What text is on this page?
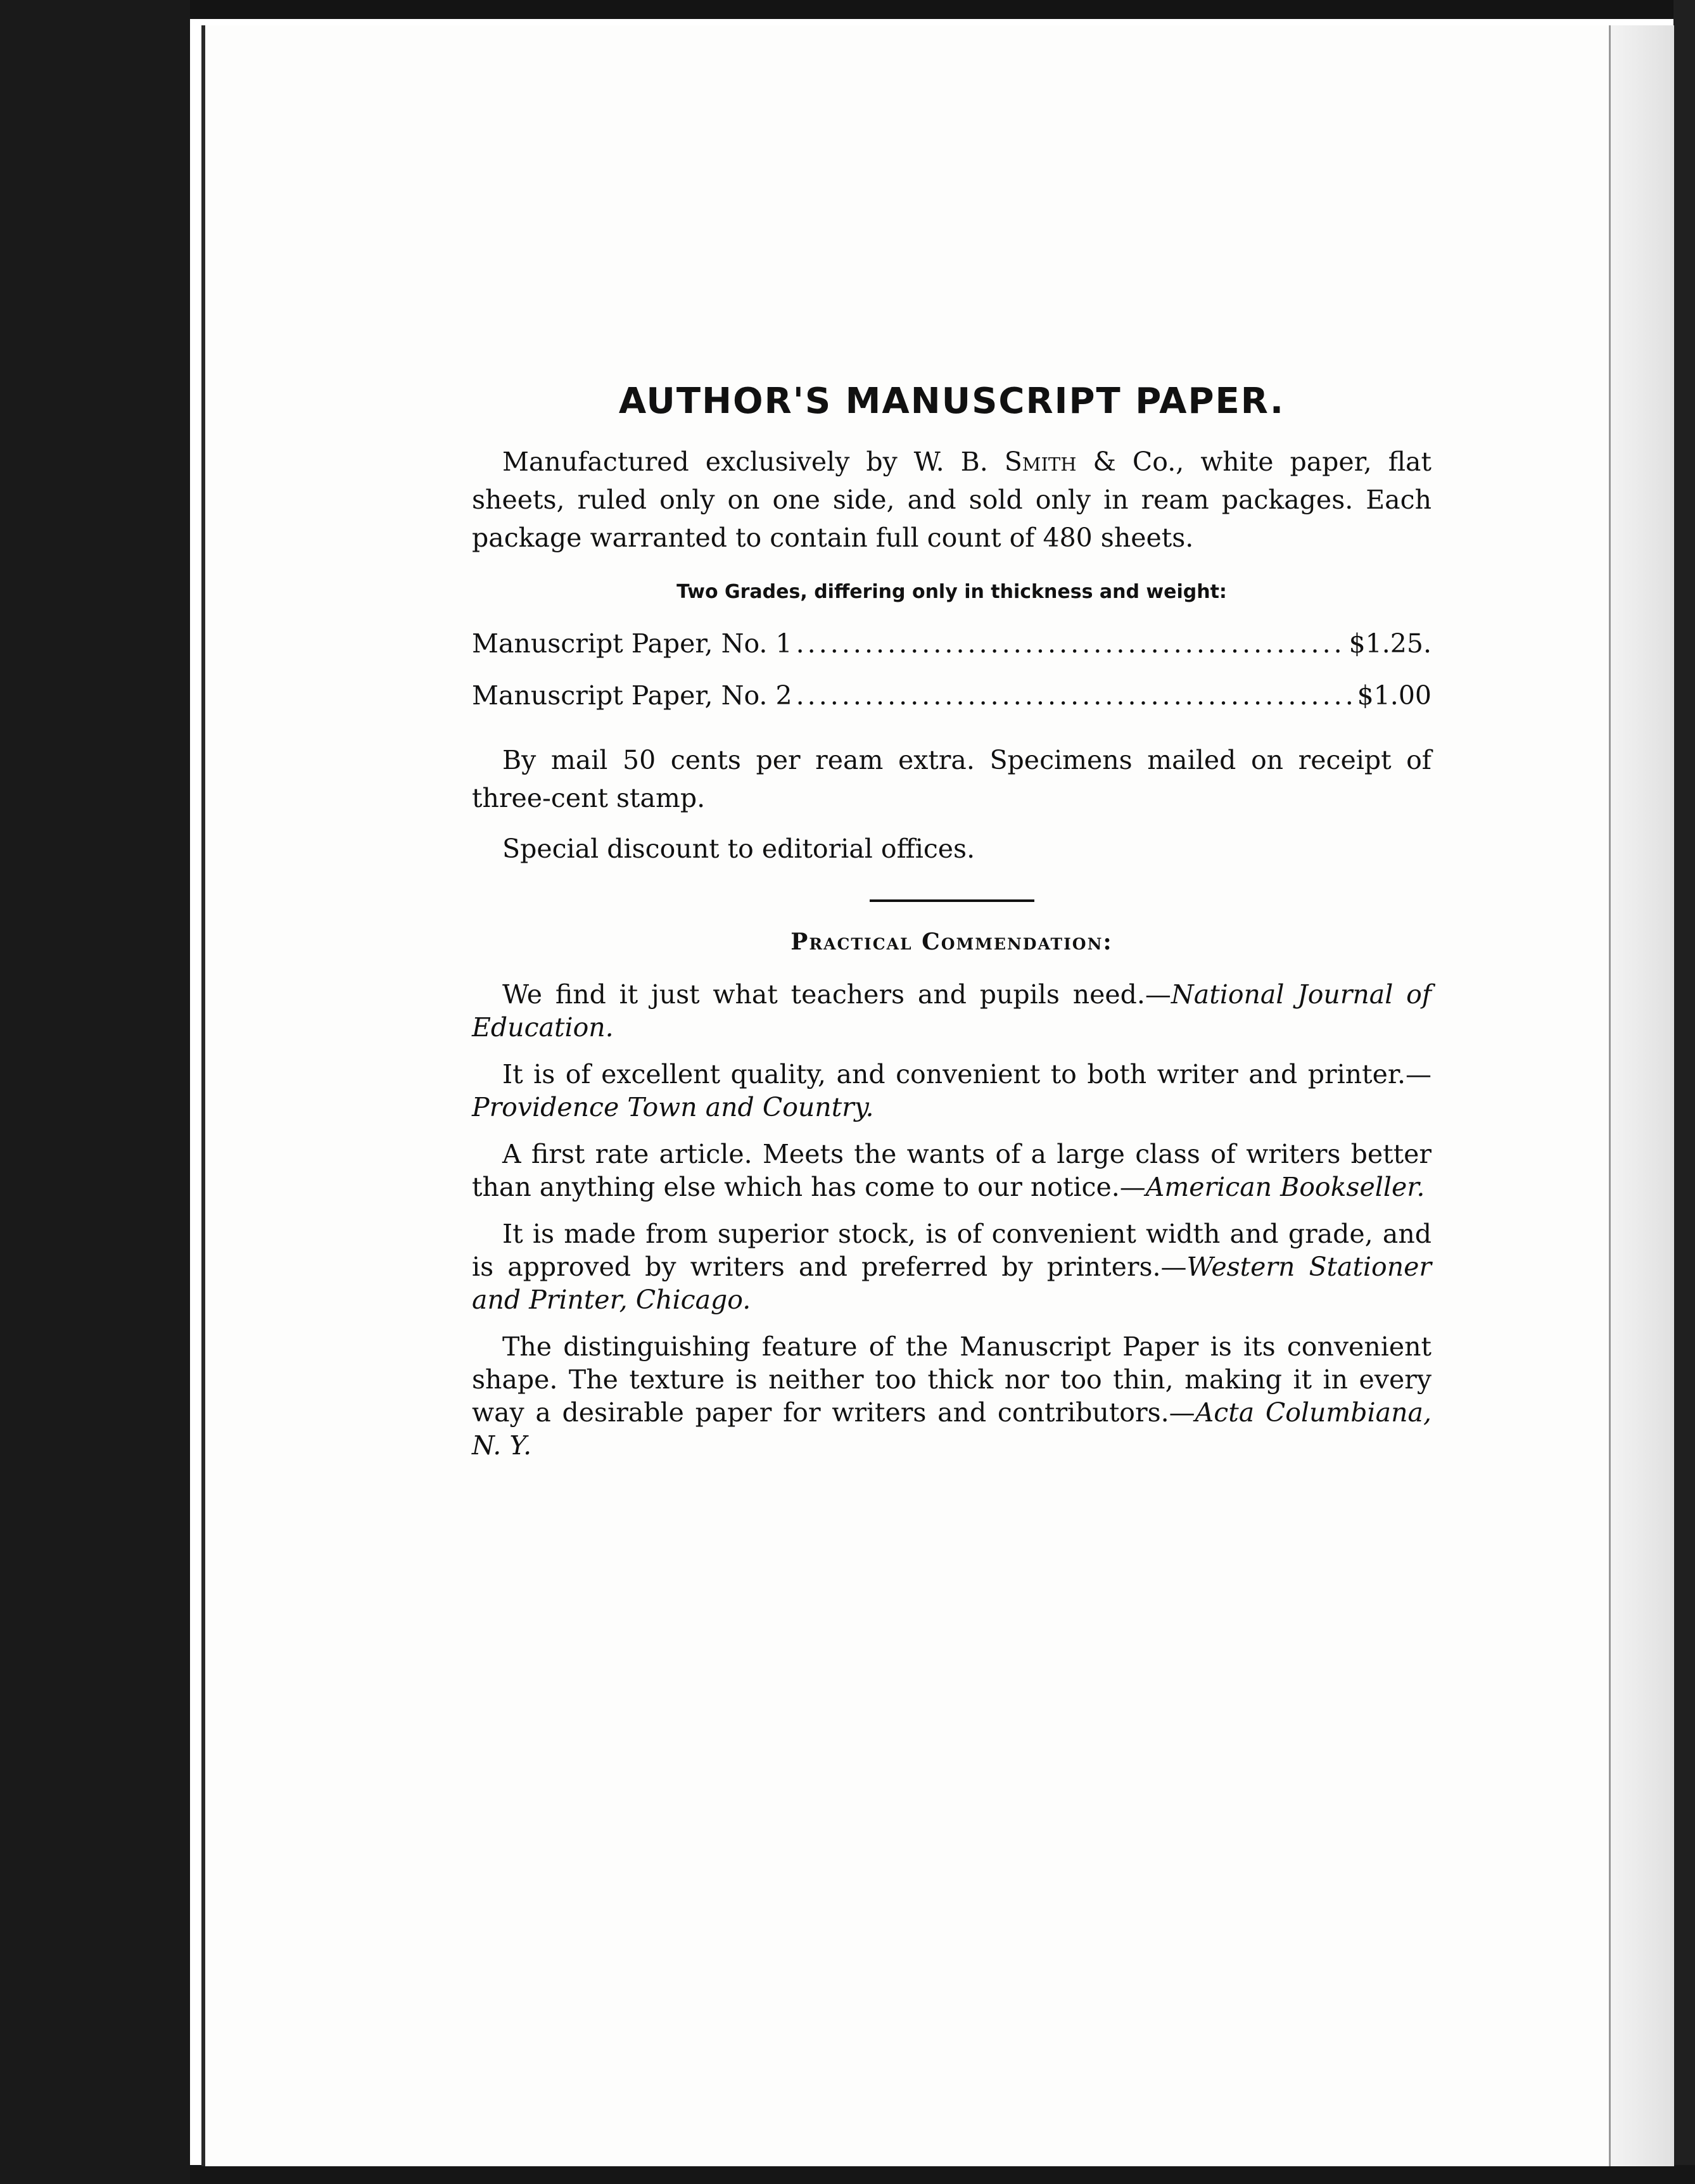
AUTHOR'S MANUSCRIPT PAPER.

Manufactured exclusively by W. B. Smith & Co., white paper, flat sheets, ruled only on one side, and sold only in ream packages. Each package warranted to contain full count of 480 sheets.

Two Grades, differing only in thickness and weight:
Manuscript Paper, No. 1 . . .	$1.25.
Manuscript Paper, No. 2 . . .	$1.00

By mail 50 cents per ream extra. Specimens mailed on receipt of three-cent stamp.

Special discount to editorial offices.

Practical Commendation:

We find it just what teachers and pupils need.—National Journal of Education.

It is of excellent quality, and convenient to both writer and printer.—Providence Town and Country.

A first rate article. Meets the wants of a large class of writers better than anything else which has come to our notice.—American Bookseller.

It is made from superior stock, is of convenient width and grade, and is approved by writers and preferred by printers.—Western Stationer and Printer, Chicago.

The distinguishing feature of the Manuscript Paper is its convenient shape. The texture is neither too thick nor too thin, making it in every way a desirable paper for writers and contributors.—Acta Columbiana, N. Y.
